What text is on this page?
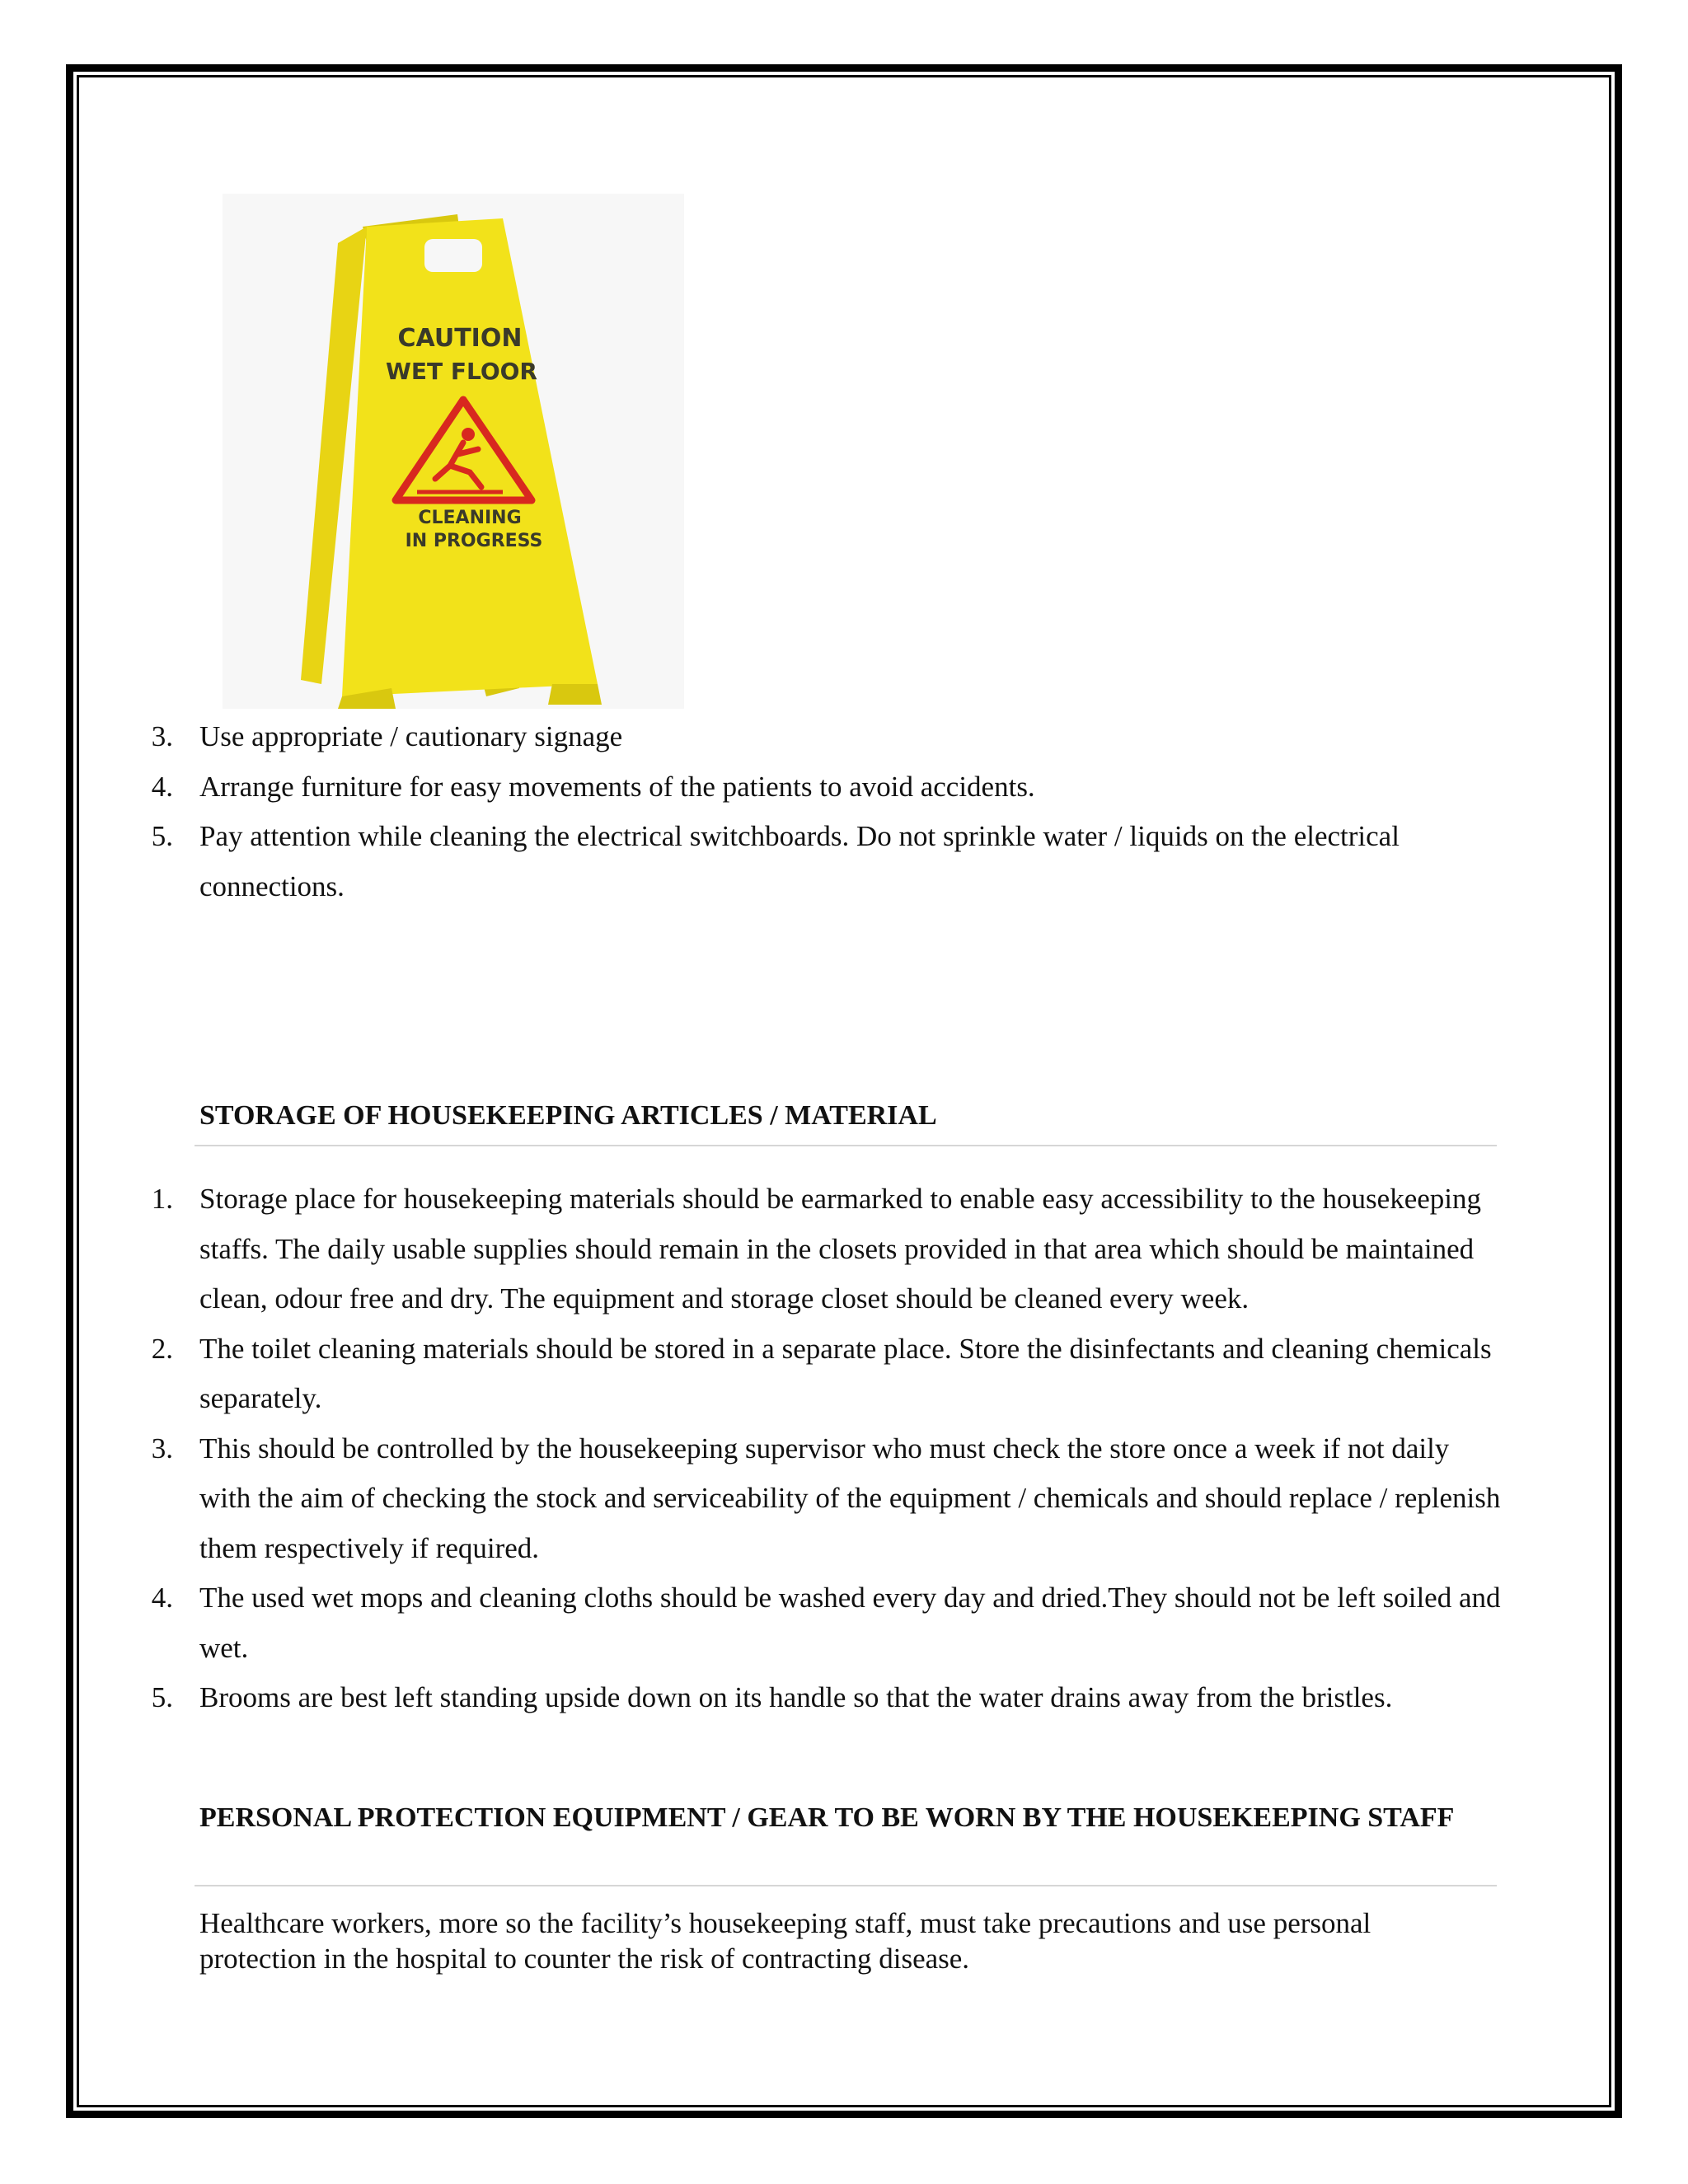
CAUTION
WET FLOOR
CLEANING
IN PROGRESS
3. Use appropriate / cautionary signage
4. Arrange furniture for easy movements of the patients to avoid accidents.
5. Pay attention while cleaning the electrical switchboards. Do not sprinkle water / liquids on the electrical connections.
STORAGE OF HOUSEKEEPING ARTICLES / MATERIAL
1. Storage place for housekeeping materials should be earmarked to enable easy accessibility to the housekeeping staffs. The daily usable supplies should remain in the closets provided in that area which should be maintained clean, odour free and dry. The equipment and storage closet should be cleaned every week.
2. The toilet cleaning materials should be stored in a separate place. Store the disinfectants and cleaning chemicals separately.
3. This should be controlled by the housekeeping supervisor who must check the store once a week if not daily with the aim of checking the stock and serviceability of the equipment / chemicals and should replace / replenish them respectively if required.
4. The used wet mops and cleaning cloths should be washed every day and dried.They should not be left soiled and wet.
5. Brooms are best left standing upside down on its handle so that the water drains away from the bristles.
PERSONAL PROTECTION EQUIPMENT / GEAR TO BE WORN BY THE HOUSEKEEPING STAFF

Healthcare workers, more so the facility’s housekeeping staff, must take precautions and use personal protection in the hospital to counter the risk of contracting disease.
